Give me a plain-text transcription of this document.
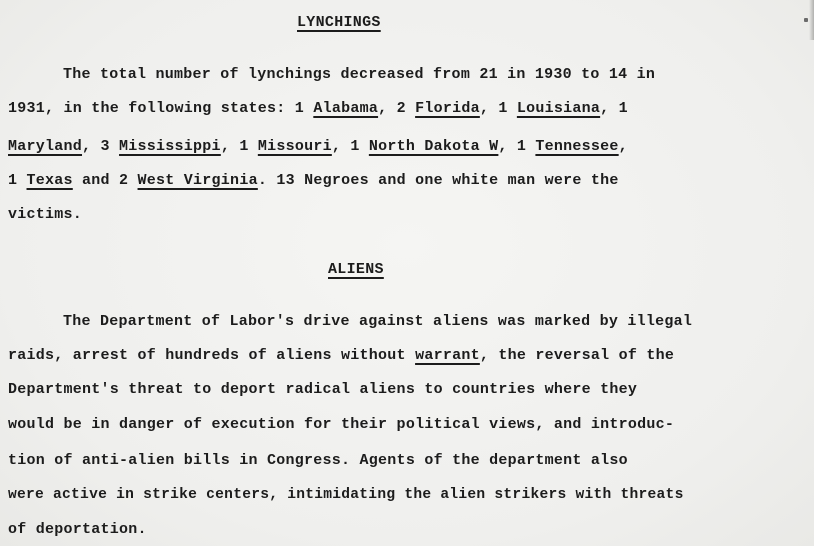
LYNCHINGS
The total number of lynchings decreased from 21 in 1930 to 14 in
1931, in the following states: 1 Alabama, 2 Florida, 1 Louisiana, 1
Maryland, 3 Mississippi, 1 Missouri, 1 North Dakota W, 1 Tennessee,
1 Texas and 2 West Virginia. 13 Negroes and one white man were the
victims.
ALIENS
The Department of Labor's drive against aliens was marked by illegal
raids, arrest of hundreds of aliens without warrant, the reversal of the
Department's threat to deport radical aliens to countries where they
would be in danger of execution for their political views, and introduc-
tion of anti-alien bills in Congress. Agents of the department also
were active in strike centers, intimidating the alien strikers with threats
of deportation.
